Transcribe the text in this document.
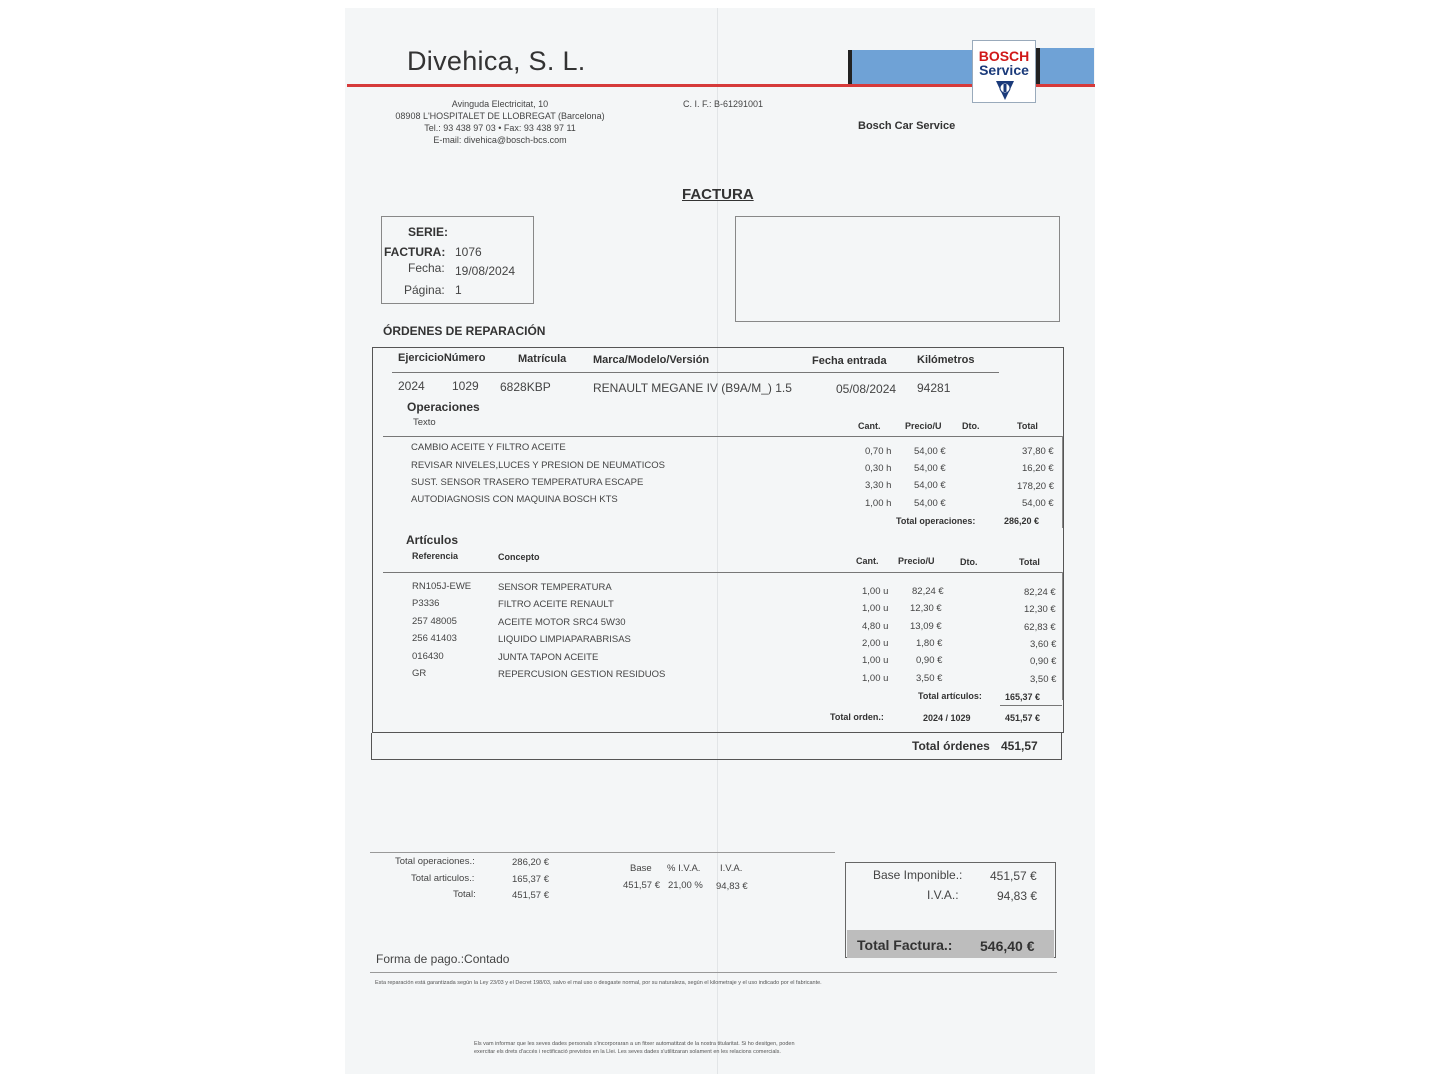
Divehica, S. L.	BOSCH
Service
Avinguda Electricitat, 10
08908 L'HOSPITALET DE LLOBREGAT (Barcelona)
Tel.: 93 438 97 03 • Fax: 93 438 97 11
E-mail: divehica@bosch-bcs.com
C. I. F.: B-61291001
Bosch Car Service
FACTURA
SERIE:
FACTURA: 1076
Fecha: 19/08/2024
Página: 1
ÓRDENES DE REPARACIÓN
EjercicioNúmero	Matrícula Marca/Modelo/Versión	Fecha entrada	Kilómetros
2024 1029 6828KBP	RENAULT MEGANE IV (B9A/M_) 1.5	05/08/2024 94281
Operaciones
Texto	Cant.	Precio/U Dto.	Total
CAMBIO ACEITE Y FILTRO ACEITE	0,70 h 54,00 €	37,80 €
REVISAR NIVELES,LUCES Y PRESION DE NEUMATICOS	0,30 h 54,00 €	16,20 €
SUST. SENSOR TRASERO TEMPERATURA ESCAPE	3,30 h 54,00 €	178,20 €
AUTODIAGNOSIS CON MAQUINA BOSCH KTS	1,00 h 54,00 €	54,00 €
Total operaciones:	286,20 €
Artículos
Referencia	Concepto	Cant. Precio/U	Dto.	Total
RN105J-EWE	SENSOR TEMPERATURA	1,00 u 82,24 €	82,24 €
P3336	FILTRO ACEITE RENAULT	1,00 u 12,30 €	12,30 €
257 48005	ACEITE MOTOR SRC4 5W30	4,80 u 13,09 €	62,83 €
256 41403	LIQUIDO LIMPIAPARABRISAS	2,00 u	1,80 €	3,60 €
016430	JUNTA TAPON ACEITE	1,00 u	0,90 €	0,90 €
GR	REPERCUSION GESTION RESIDUOS	1,00 u	3,50 €	3,50 €
Total artículos:	165,37 €
Total orden.:	2024 / 1029	451,57 €
Total órdenes 451,57
Total operaciones.:	286,20 €
Total articulos.:	165,37 €
Total:	451,57 €
Base % I.V.A. I.V.A.
451,57 € 21,00 % 94,83 €
Base Imponible.: 451,57 €
I.V.A.:	94,83 €
Total Factura.: 546,40 €
Forma de pago.:Contado
Esta reparación está garantizada según la Ley 23/03 y el Decret 198/03, salvo el mal uso o desgaste normal, por su naturaleza, según el kilometraje y el uso indicado por el fabricante.
Els vam informar que les seves dades personals s'incorporaran a un fitxer automatitzat de la nostra titularitat. Si ho desitgen, poden
exercitar els drets d'accés i rectificació previstos en la Llei. Les seves dades s'utilitzaran solament en les relacions comercials.
